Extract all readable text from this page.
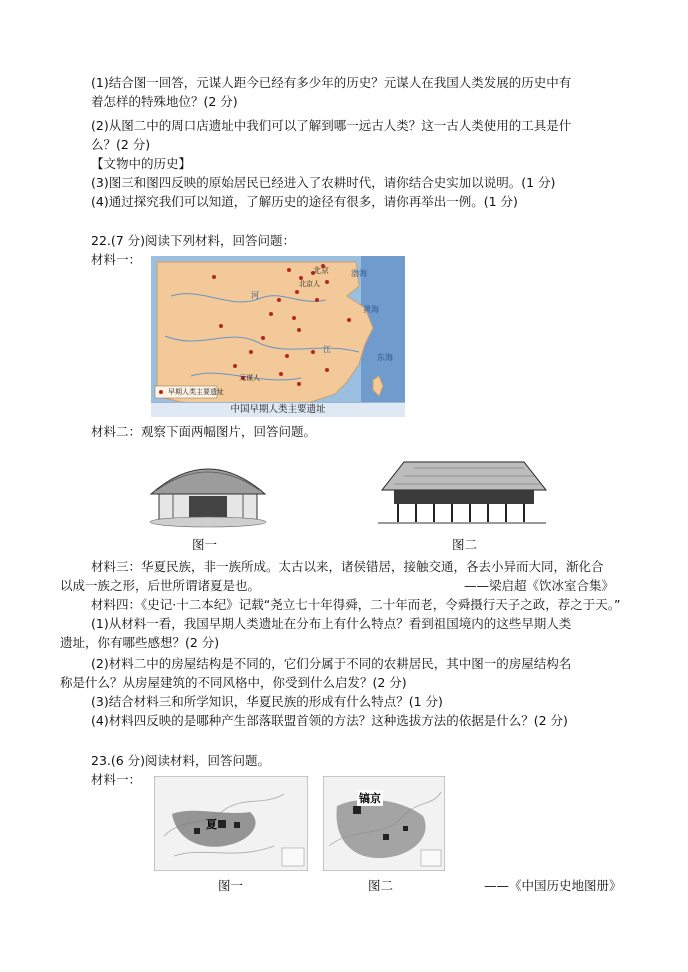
(1)结合图一回答，元谋人距今已经有多少年的历史？元谋人在我国人类发展的历史中有
着怎样的特殊地位？(2 分)
(2)从图二中的周口店遗址中我们可以了解到哪一远古人类？这一古人类使用的工具是什
么？(2 分)
【文物中的历史】
(3)图三和图四反映的原始居民已经进入了农耕时代，请你结合史实加以说明。(1 分)
(4)通过探究我们可以知道，了解历史的途径有很多，请你再举出一例。(1 分)
22.(7 分)阅读下列材料，回答问题：
材料一：
早期人类主要遗址
北京
北京人
元谋人
渤海
黄海
东海
河
江
中国早期人类主要遗址
材料二：观察下面两幅图片，回答问题。
图一	图二
材料三：华夏民族，非一族所成。太古以来，诸侯错居，接触交通，各去小异而大同，渐化合
以成一族之形，后世所谓诸夏是也。	——梁启超《饮冰室合集》
材料四：《史记·十二本纪》记载“尧立七十年得舜，二十年而老，令舜摄行天子之政，荐之于天。”
(1)从材料一看，我国早期人类遗址在分布上有什么特点？看到祖国境内的这些早期人类
遗址，你有哪些感想？(2 分)
(2)材料二中的房屋结构是不同的，它们分属于不同的农耕居民，其中图一的房屋结构名
称是什么？从房屋建筑的不同风格中，你受到什么启发？(2 分)
(3)结合材料三和所学知识，华夏民族的形成有什么特点？(1 分)
(4)材料四反映的是哪种产生部落联盟首领的方法？这种选拔方法的依据是什么？(2 分)
23.(6 分)阅读材料，回答问题。
材料一：
夏
镐京
图一	图二	——《中国历史地图册》
